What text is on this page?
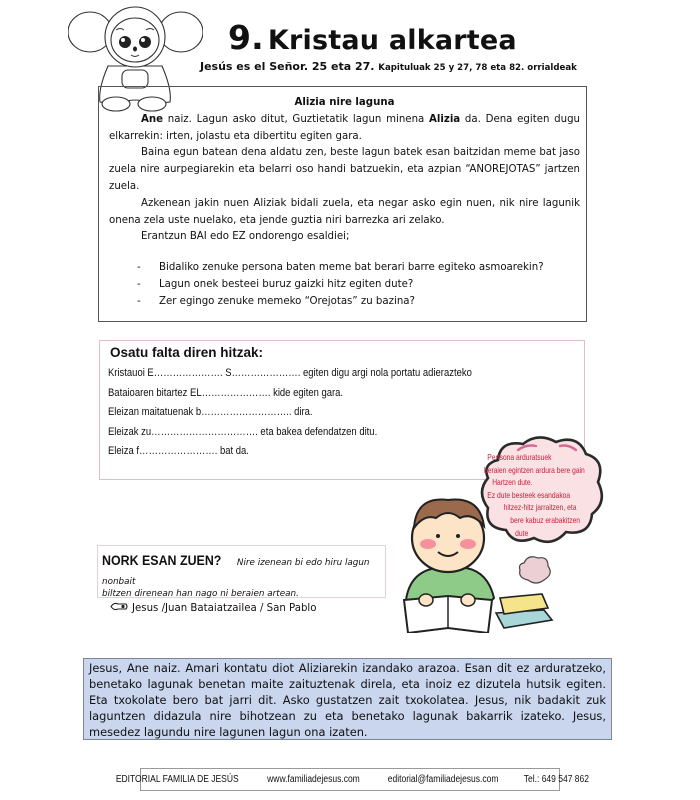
9. Kristau alkartea
Jesús es el Señor. 25 eta 27. Kapituluak 25 y 27, 78 eta 82. orrialdeak
Alizia nire laguna

Ane naiz. Lagun asko ditut, Guztietatik lagun minena Alizia da. Dena egiten dugu elkarrekin: irten, jolastu eta dibertitu egiten gara.

Baina egun batean dena aldatu zen, beste lagun batek esan baitzidan meme bat jaso zuela nire aurpegiarekin eta belarri oso handi batzuekin, eta azpian “ANOREJOTAS” jartzen zuela.

Azkenean jakin nuen Aliziak bidali zuela, eta negar asko egin nuen, nik nire lagunik onena zela uste nuelako, eta jende guztia niri barrezka ari zelako.

Erantzun BAI edo EZ ondorengo esaldiei;

- Bidaliko zenuke persona baten meme bat berari barre egiteko asmoarekin?
- Lagun onek besteei buruz gaizki hitz egiten dute?
- Zer egingo zenuke memeko “Orejotas” zu bazina?
Osatu falta diren hitzak:
Kristauoi E…………………. S…………………. egiten digu argi nola portatu adierazteko
Bataioaren bitartez EL…………………. kide egiten gara.
Eleizan maitatuenak b……………………….. dira.
Eleizak zu……………………………. eta bakea defendatzen ditu.
Eleiza f……………………. bat da.
Pertsona arduratsuek
beraien egintzen ardura bere gain
Hartzen dute.
Ez dute besteek esandakoa
hitzez-hitz jarraitzen, eta
bere kabuz erabakitzen
dute
NORK ESAN ZUEN? Nire izenean bi edo hiru lagun nonbait
biltzen direnean han nago ni beraien artean.
Jesus /Juan Bataiatzailea / San Pablo
Jesus, Ane naiz. Amari kontatu diot Aliziarekin izandako arazoa. Esan dit ez arduratzeko, benetako lagunak benetan maite zaituztenak direla, eta inoiz ez dizutela hutsik egiten. Eta txokolate bero bat jarri dit. Asko gustatzen zait txokolatea. Jesus, nik badakit zuk laguntzen didazula nire bihotzean zu eta benetako lagunak bakarrik izateko. Jesus, mesedez lagundu nire lagunen lagun ona izaten.
EDITORIAL FAMILIA DE JESÚS	www.familiadejesus.com	editorial@familiadejesus.com	Tel.: 649 547 862
